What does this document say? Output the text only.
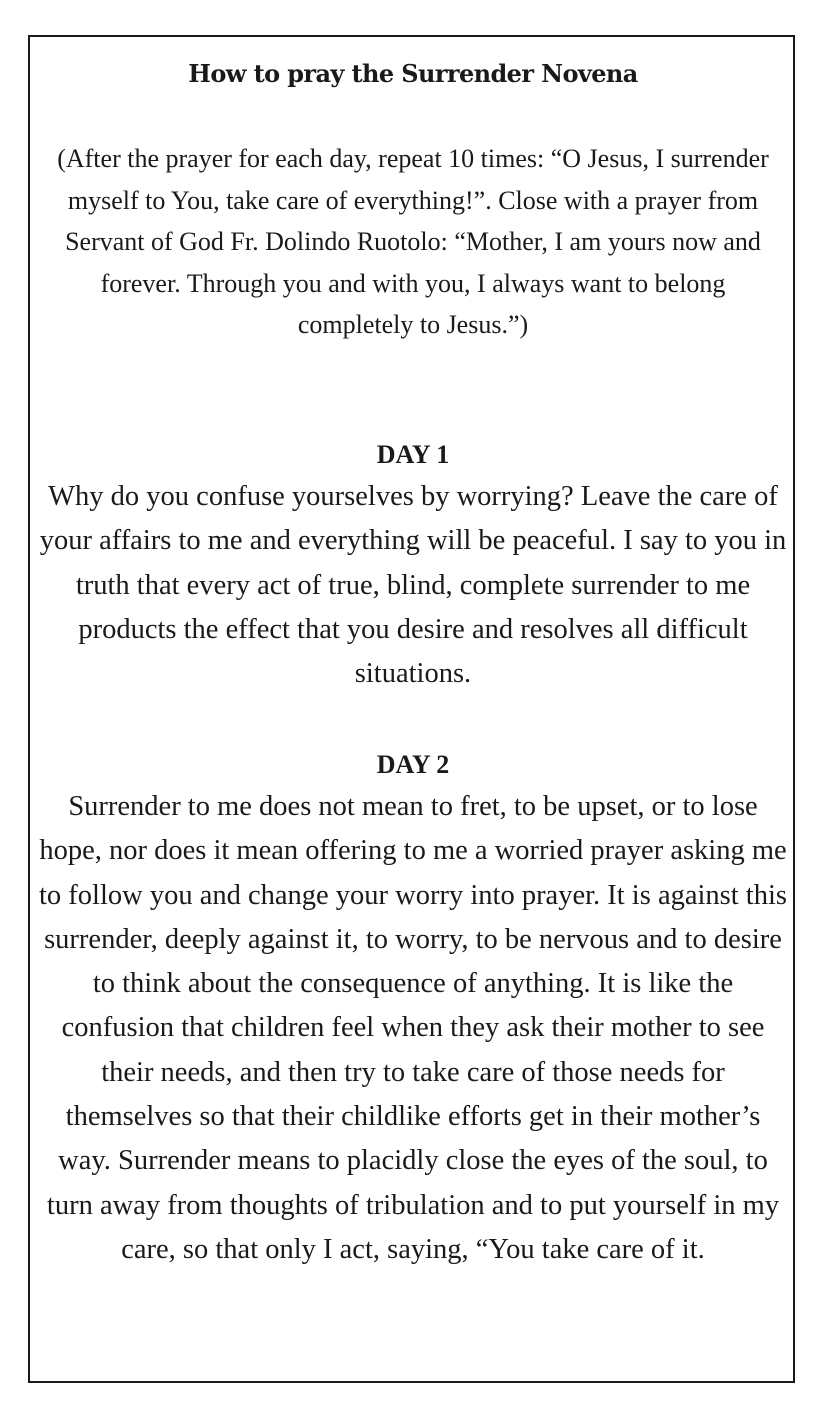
How to pray the Surrender Novena

(After the prayer for each day, repeat 10 times: “O Jesus, I surrender myself to You, take care of everything!”. Close with a prayer from Servant of God Fr. Dolindo Ruotolo: “Mother, I am yours now and forever. Through you and with you, I always want to belong completely to Jesus.”)

DAY 1

Why do you confuse yourselves by worrying? Leave the care of your affairs to me and everything will be peaceful. I say to you in truth that every act of true, blind, complete surrender to me products the effect that you desire and resolves all difficult situations.

DAY 2

Surrender to me does not mean to fret, to be upset, or to lose hope, nor does it mean offering to me a worried prayer asking me to follow you and change your worry into prayer. It is against this surrender, deeply against it, to worry, to be nervous and to desire to think about the consequence of anything. It is like the confusion that children feel when they ask their mother to see their needs, and then try to take care of those needs for themselves so that their childlike efforts get in their mother’s way. Surrender means to placidly close the eyes of the soul, to turn away from thoughts of tribulation and to put yourself in my care, so that only I act, saying, “You take care of it.
